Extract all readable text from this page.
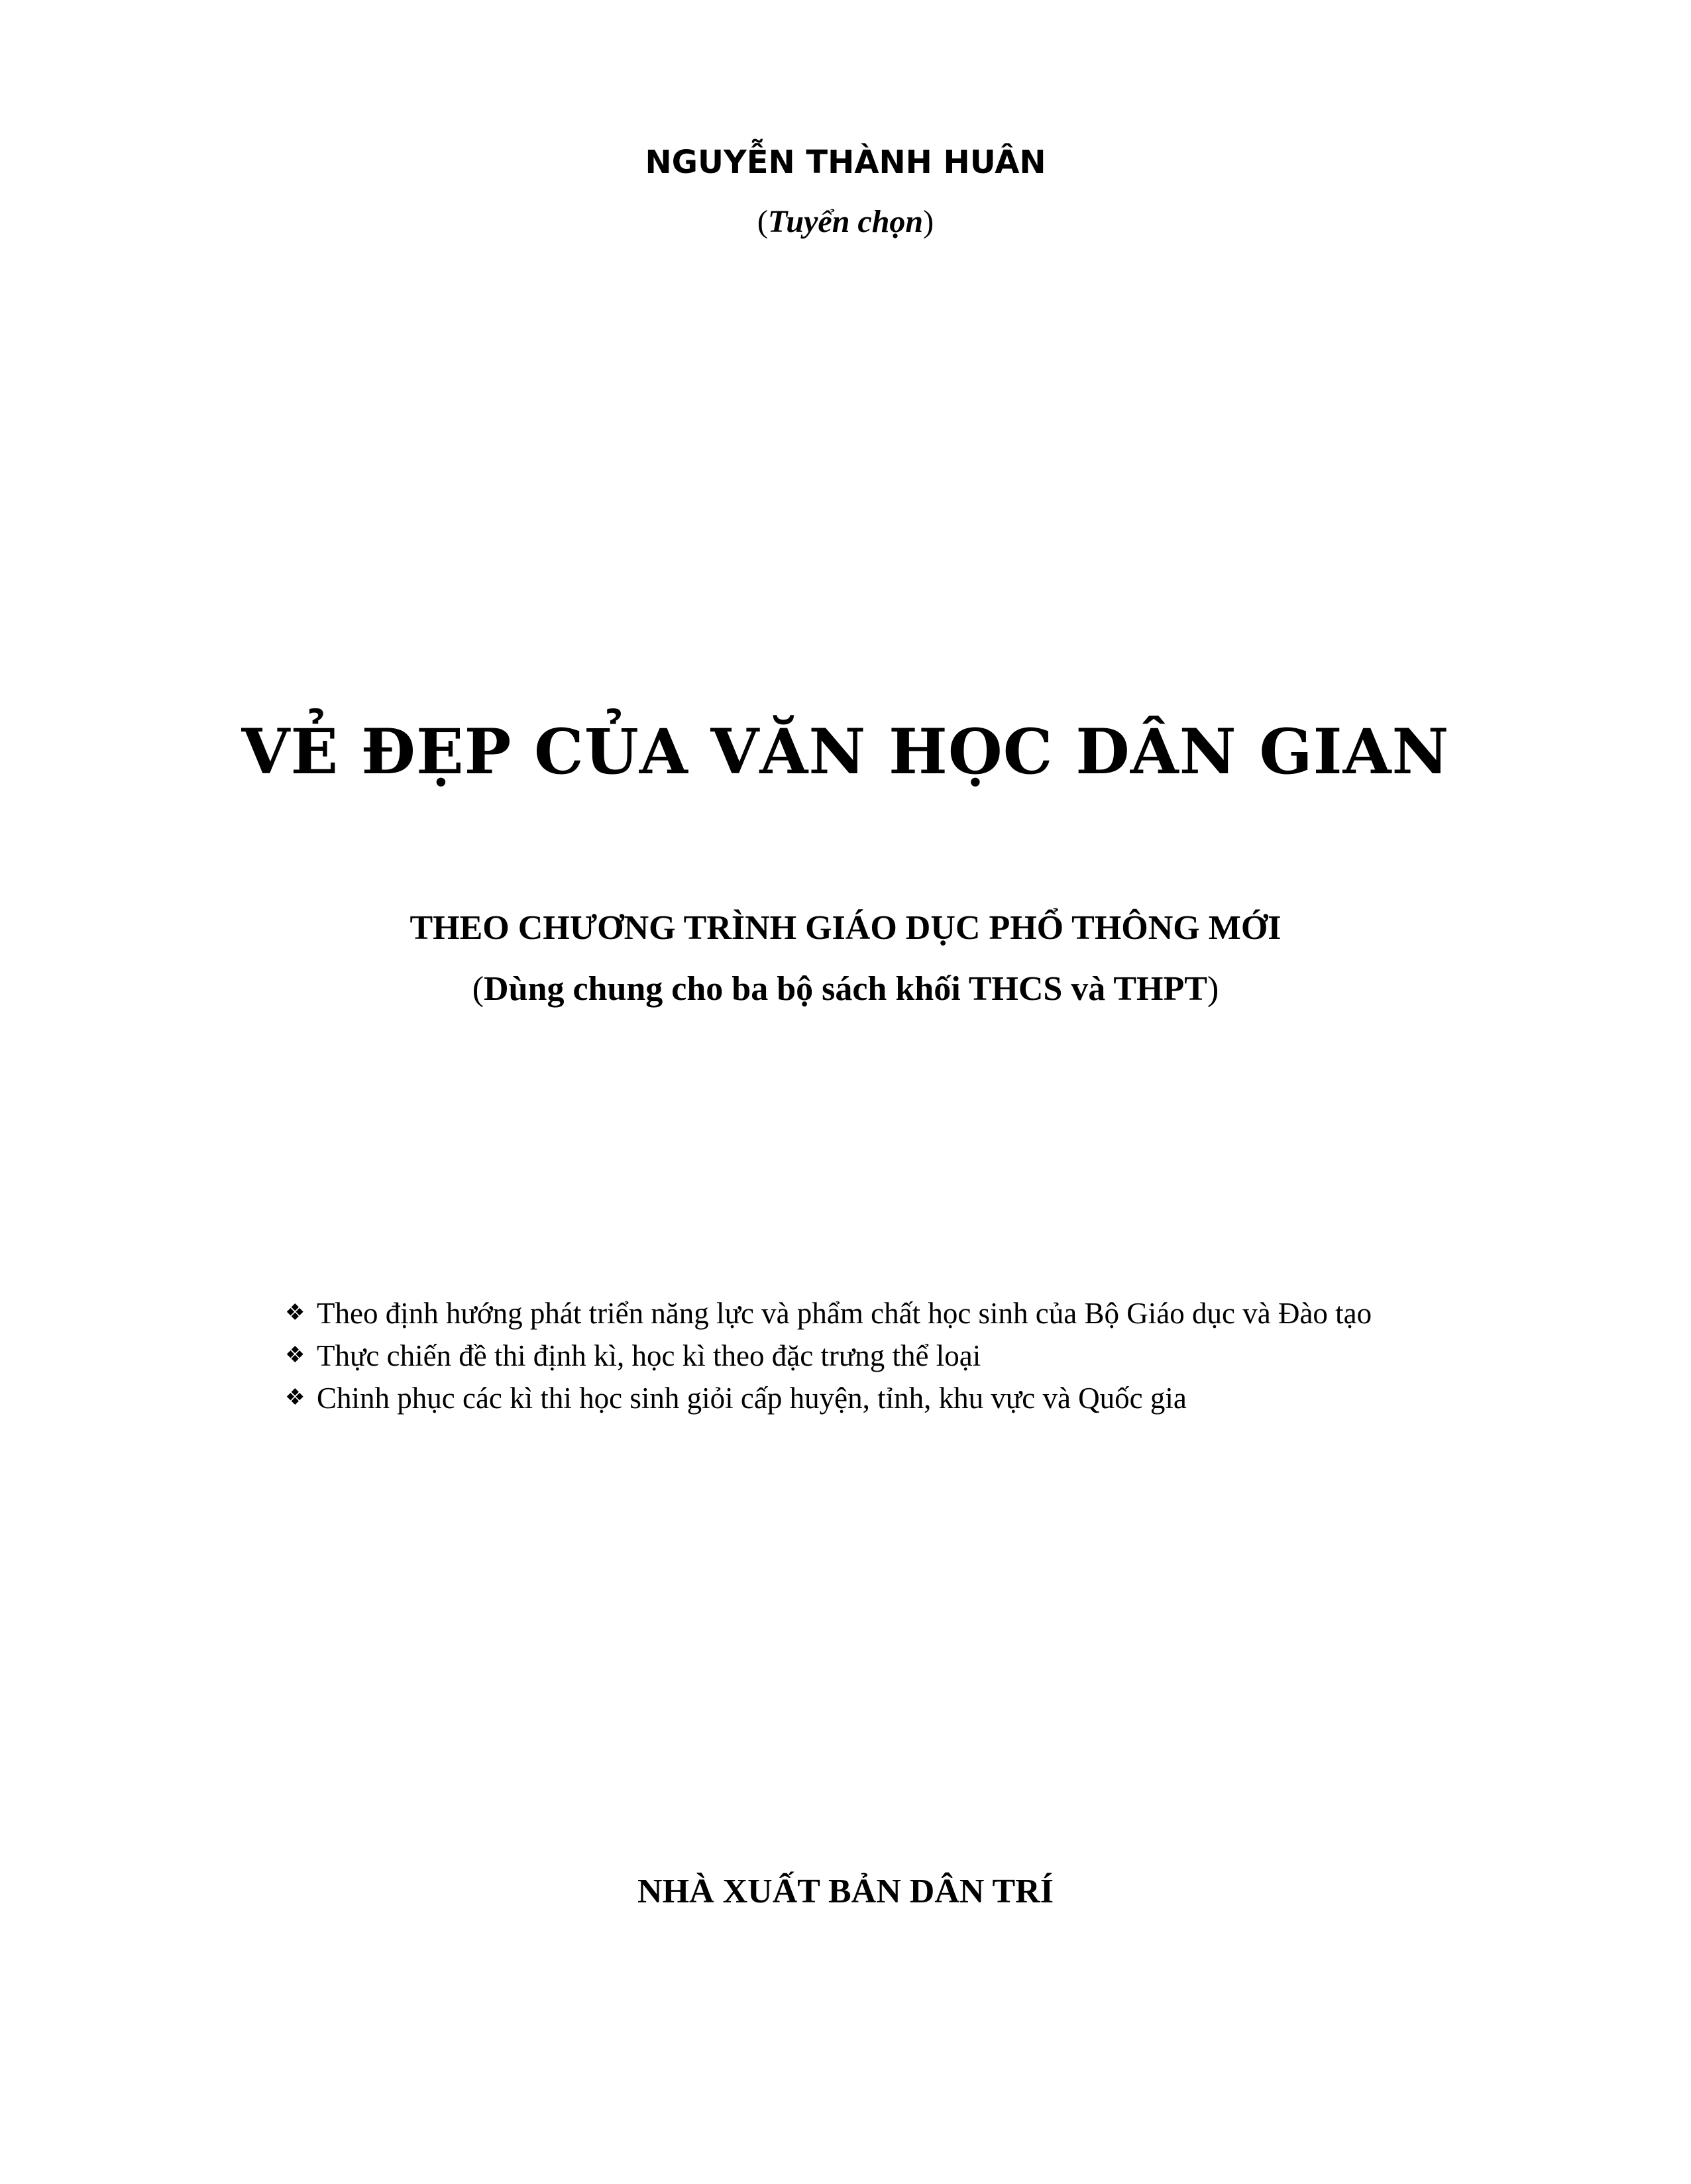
NGUYỄN THÀNH HUÂN
(Tuyển chọn)
VẺ ĐẸP CỦA VĂN HỌC DÂN GIAN
THEO CHƯƠNG TRÌNH GIÁO DỤC PHỔ THÔNG MỚI
(Dùng chung cho ba bộ sách khối THCS và THPT)
❖ Theo định hướng phát triển năng lực và phẩm chất học sinh của Bộ Giáo dục và Đào tạo
❖ Thực chiến đề thi định kì, học kì theo đặc trưng thể loại
❖ Chinh phục các kì thi học sinh giỏi cấp huyện, tỉnh, khu vực và Quốc gia
NHÀ XUẤT BẢN DÂN TRÍ
